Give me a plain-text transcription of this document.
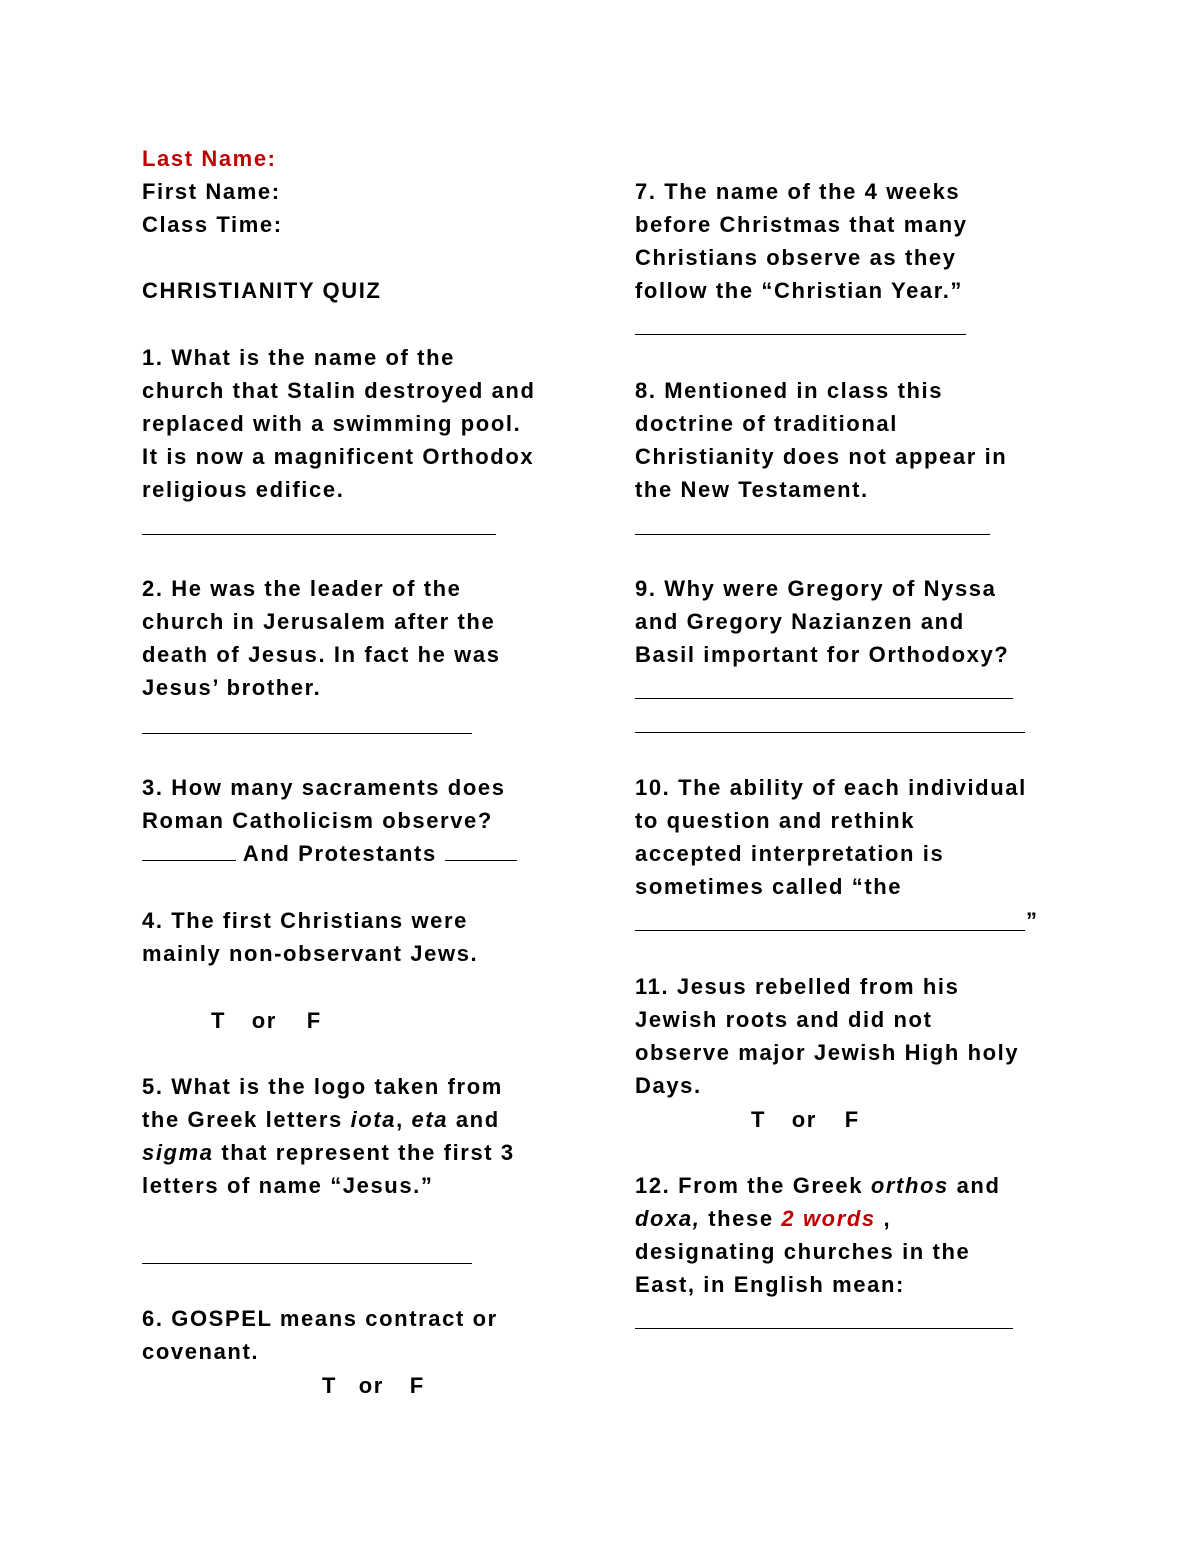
Last Name:
First Name:
Class Time:
CHRISTIANITY QUIZ
1. What is the name of the
church that Stalin destroyed and
replaced with a swimming pool.
It is now a magnificent Orthodox
religious edifice.
2. He was the leader of the
church in Jerusalem after the
death of Jesus. In fact he was
Jesus’ brother.
3. How many sacraments does
Roman Catholicism observe?
And Protestants
4. The first Christians were
mainly non-observant Jews.
T or F
5. What is the logo taken from
the Greek letters iota, eta and
sigma that represent the first 3
letters of name “Jesus.”
6. GOSPEL means contract or
covenant.
T or F
7. The name of the 4 weeks
before Christmas that many
Christians observe as they
follow the “Christian Year.”
8. Mentioned in class this
doctrine of traditional
Christianity does not appear in
the New Testament.
9. Why were Gregory of Nyssa
and Gregory Nazianzen and
Basil important for Orthodoxy?
10. The ability of each individual
to question and rethink
accepted interpretation is
sometimes called “the
”
11. Jesus rebelled from his
Jewish roots and did not
observe major Jewish High holy
Days.
T or F
12. From the Greek orthos and
doxa, these 2 words ,
designating churches in the
East, in English mean:
